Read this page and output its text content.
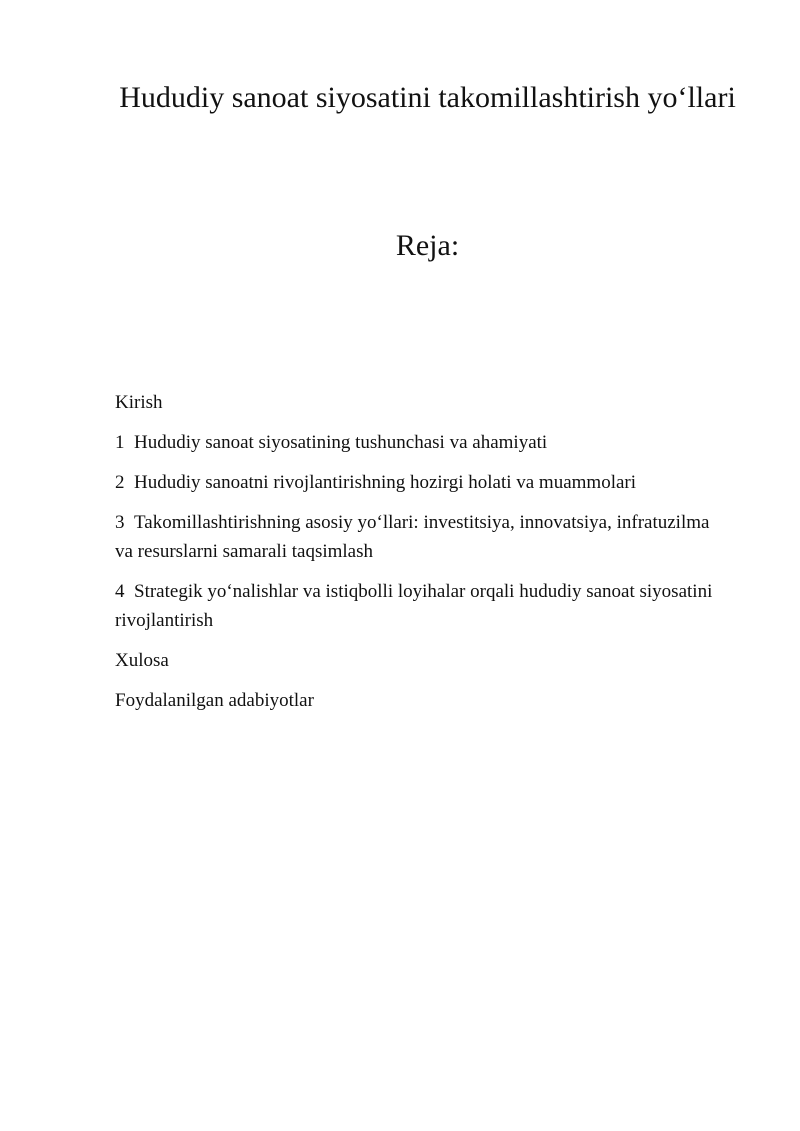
Hududiy sanoat siyosatini takomillashtirish yo‘llari
Reja:
Kirish
1 Hududiy sanoat siyosatining tushunchasi va ahamiyati
2 Hududiy sanoatni rivojlantirishning hozirgi holati va muammolari
3 Takomillashtirishning asosiy yo‘llari: investitsiya, innovatsiya, infratuzilma va resurslarni samarali taqsimlash
4 Strategik yo‘nalishlar va istiqbolli loyihalar orqali hududiy sanoat siyosatini rivojlantirish
Xulosa
Foydalanilgan adabiyotlar
